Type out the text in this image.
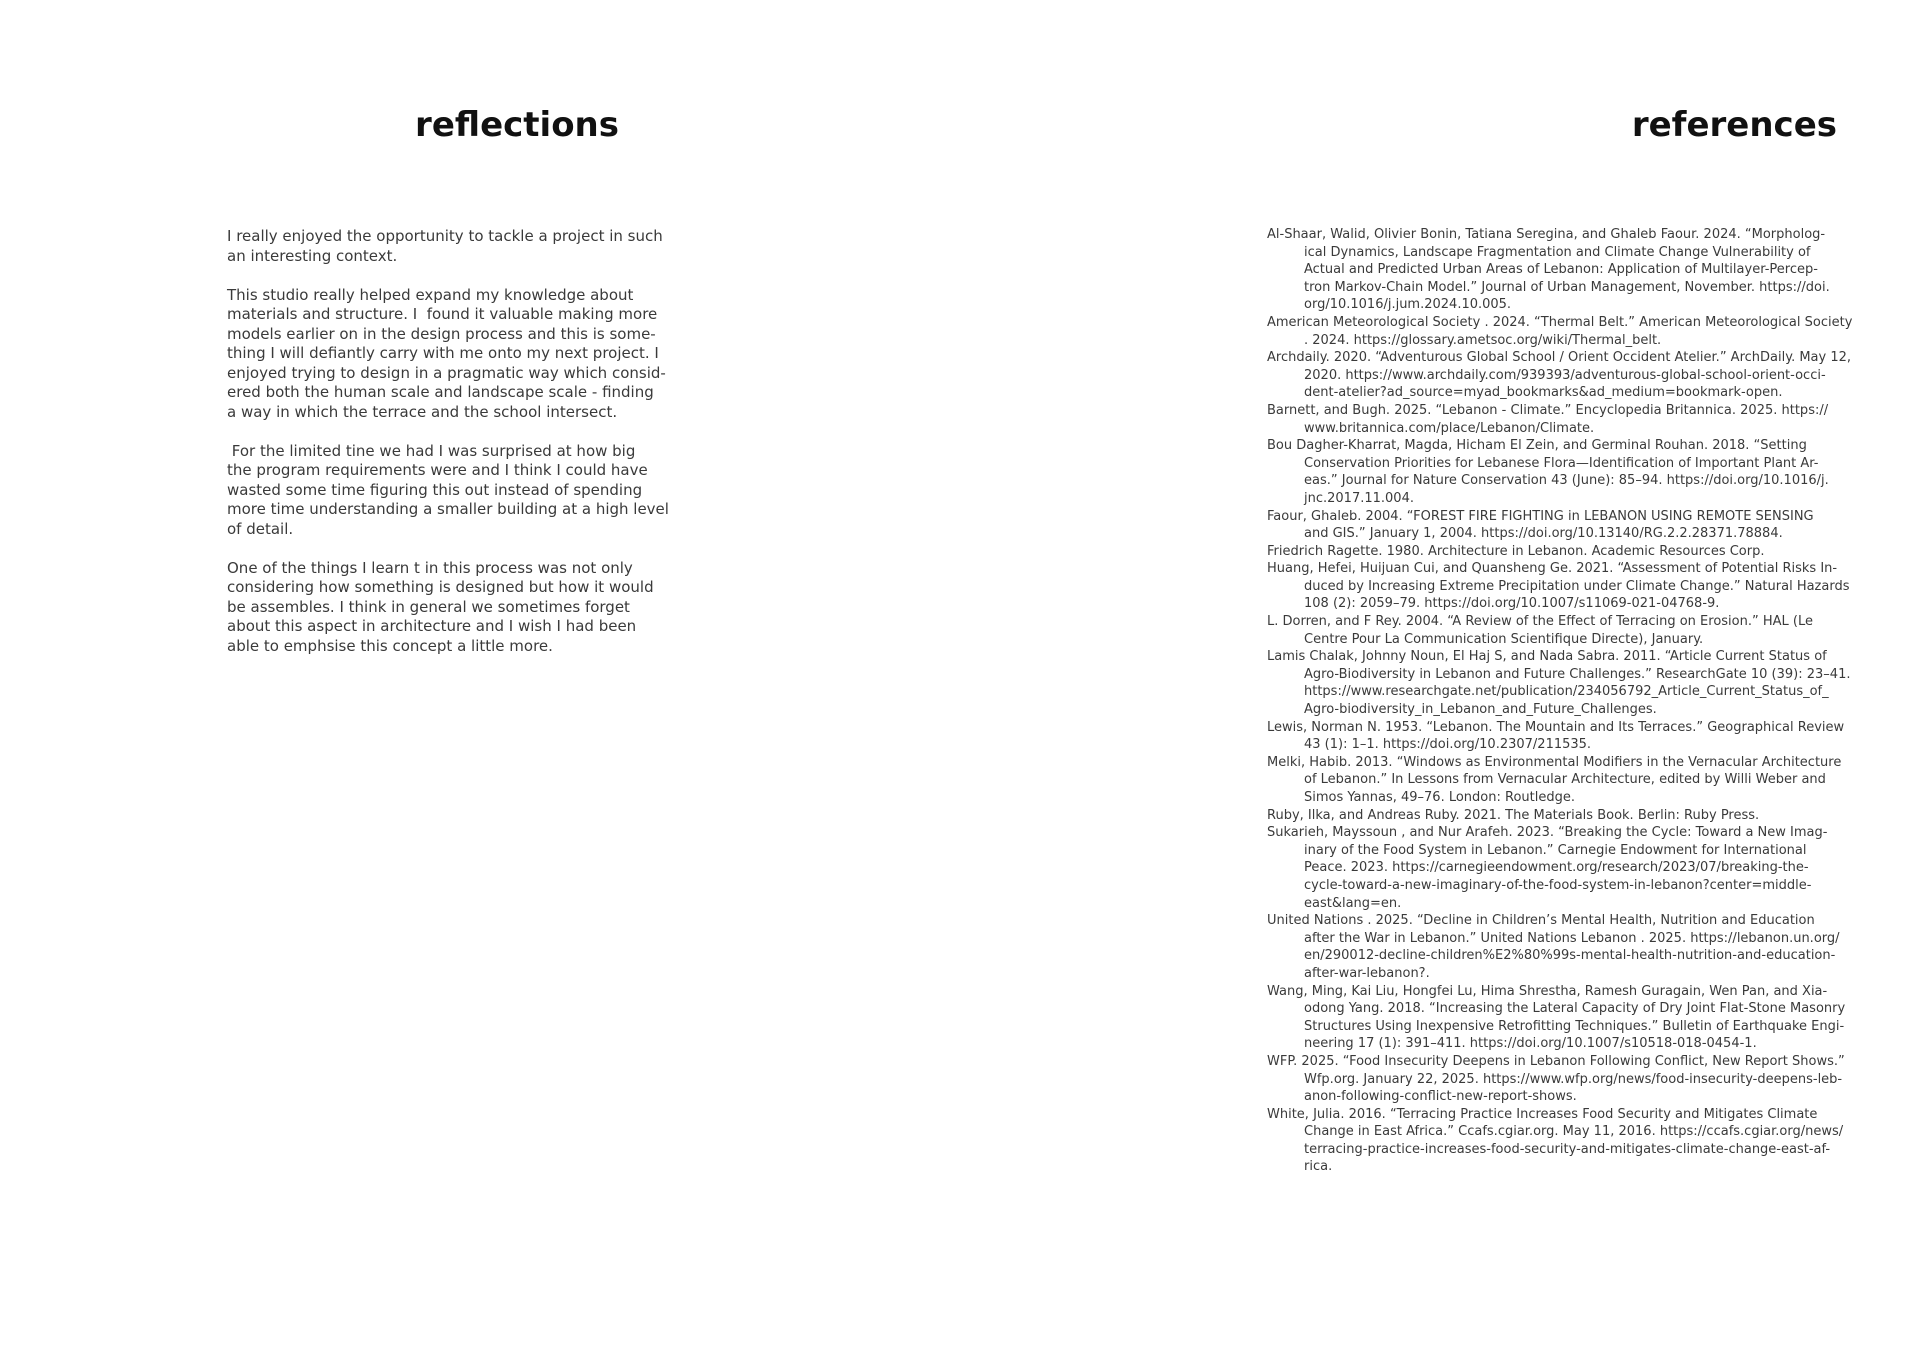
reflections

I really enjoyed the opportunity to tackle a project in such
an interesting context.

This studio really helped expand my knowledge about
materials and structure. I  found it valuable making more
models earlier on in the design process and this is some-
thing I will defiantly carry with me onto my next project. I
enjoyed trying to design in a pragmatic way which consid-
ered both the human scale and landscape scale - finding
a way in which the terrace and the school intersect.

For the limited tine we had I was surprised at how big
the program requirements were and I think I could have
wasted some time figuring this out instead of spending
more time understanding a smaller building at a high level
of detail.

One of the things I learn t in this process was not only
considering how something is designed but how it would
be assembles. I think in general we sometimes forget
about this aspect in architecture and I wish I had been
able to emphsise this concept a little more.

references
Al-Shaar, Walid, Olivier Bonin, Tatiana Seregina, and Ghaleb Faour. 2024. “Morpholog-
ical Dynamics, Landscape Fragmentation and Climate Change Vulnerability of
Actual and Predicted Urban Areas of Lebanon: Application of Multilayer-Percep-
tron Markov-Chain Model.” Journal of Urban Management, November. https://doi.
org/10.1016/j.jum.2024.10.005.
American Meteorological Society . 2024. “Thermal Belt.” American Meteorological Society
. 2024. https://glossary.ametsoc.org/wiki/Thermal_belt.
Archdaily. 2020. “Adventurous Global School / Orient Occident Atelier.” ArchDaily. May 12,
2020. https://www.archdaily.com/939393/adventurous-global-school-orient-occi-
dent-atelier?ad_source=myad_bookmarks&ad_medium=bookmark-open.
Barnett, and Bugh. 2025. “Lebanon - Climate.” Encyclopedia Britannica. 2025. https://
www.britannica.com/place/Lebanon/Climate.
Bou Dagher-Kharrat, Magda, Hicham El Zein, and Germinal Rouhan. 2018. “Setting
Conservation Priorities for Lebanese Flora—Identification of Important Plant Ar-
eas.” Journal for Nature Conservation 43 (June): 85–94. https://doi.org/10.1016/j.
jnc.2017.11.004.
Faour, Ghaleb. 2004. “FOREST FIRE FIGHTING in LEBANON USING REMOTE SENSING
and GIS.” January 1, 2004. https://doi.org/10.13140/RG.2.2.28371.78884.
Friedrich Ragette. 1980. Architecture in Lebanon. Academic Resources Corp.
Huang, Hefei, Huijuan Cui, and Quansheng Ge. 2021. “Assessment of Potential Risks In-
duced by Increasing Extreme Precipitation under Climate Change.” Natural Hazards
108 (2): 2059–79. https://doi.org/10.1007/s11069-021-04768-9.
L. Dorren, and F Rey. 2004. “A Review of the Effect of Terracing on Erosion.” HAL (Le
Centre Pour La Communication Scientifique Directe), January.
Lamis Chalak, Johnny Noun, El Haj S, and Nada Sabra. 2011. “Article Current Status of
Agro-Biodiversity in Lebanon and Future Challenges.” ResearchGate 10 (39): 23–41.
https://www.researchgate.net/publication/234056792_Article_Current_Status_of_
Agro-biodiversity_in_Lebanon_and_Future_Challenges.
Lewis, Norman N. 1953. “Lebanon. The Mountain and Its Terraces.” Geographical Review
43 (1): 1–1. https://doi.org/10.2307/211535.
Melki, Habib. 2013. “Windows as Environmental Modifiers in the Vernacular Architecture
of Lebanon.” In Lessons from Vernacular Architecture, edited by Willi Weber and
Simos Yannas, 49–76. London: Routledge.
Ruby, Ilka, and Andreas Ruby. 2021. The Materials Book. Berlin: Ruby Press.
Sukarieh, Mayssoun , and Nur Arafeh. 2023. “Breaking the Cycle: Toward a New Imag-
inary of the Food System in Lebanon.” Carnegie Endowment for International
Peace. 2023. https://carnegieendowment.org/research/2023/07/breaking-the-
cycle-toward-a-new-imaginary-of-the-food-system-in-lebanon?center=middle-
east&lang=en.
United Nations . 2025. “Decline in Children’s Mental Health, Nutrition and Education
after the War in Lebanon.” United Nations Lebanon . 2025. https://lebanon.un.org/
en/290012-decline-children%E2%80%99s-mental-health-nutrition-and-education-
after-war-lebanon?.
Wang, Ming, Kai Liu, Hongfei Lu, Hima Shrestha, Ramesh Guragain, Wen Pan, and Xia-
odong Yang. 2018. “Increasing the Lateral Capacity of Dry Joint Flat-Stone Masonry
Structures Using Inexpensive Retrofitting Techniques.” Bulletin of Earthquake Engi-
neering 17 (1): 391–411. https://doi.org/10.1007/s10518-018-0454-1.
WFP. 2025. “Food Insecurity Deepens in Lebanon Following Conflict, New Report Shows.”
Wfp.org. January 22, 2025. https://www.wfp.org/news/food-insecurity-deepens-leb-
anon-following-conflict-new-report-shows.
White, Julia. 2016. “Terracing Practice Increases Food Security and Mitigates Climate
Change in East Africa.” Ccafs.cgiar.org. May 11, 2016. https://ccafs.cgiar.org/news/
terracing-practice-increases-food-security-and-mitigates-climate-change-east-af-
rica.
